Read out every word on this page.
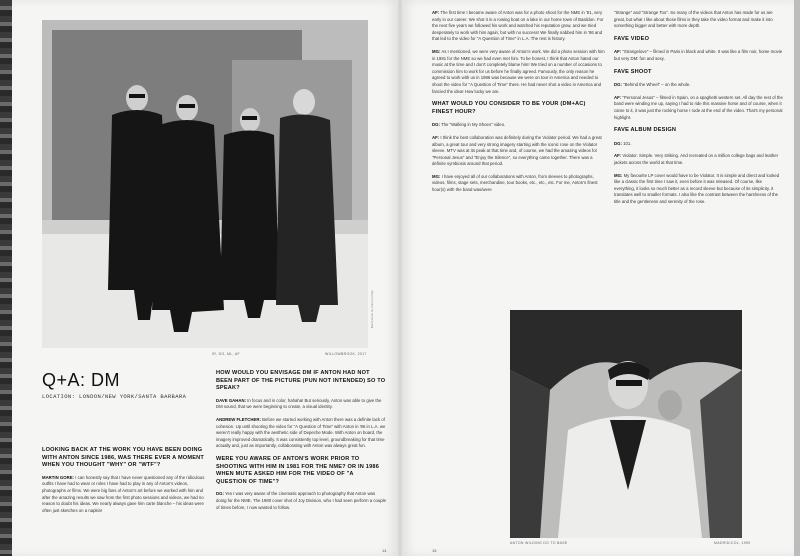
IR, DG, ML, AF	WILLOWBROOK, 2017
Band photo by Anton Corbijn
Q+A: DM
LOCATION: LONDON/NEW YORK/SANTA BARBARA
LOOKING BACK AT THE WORK YOU HAVE BEEN DOING WITH ANTON SINCE 1986, WAS THERE EVER A MOMENT WHEN YOU THOUGHT "WHY" OR "WTF"?

MARTIN GORE: I can honestly say that I have never questioned any of the ridiculous outfits I have had to wear or roles I have had to play in any of Anton's videos, photographs or films. We were big fans of Anton's art before we worked with him and after the amazing results we saw from the first photo sessions and videos, we had no reason to doubt his ideas. We nearly always gave him carte blanche – his ideas were often just sketches on a napkin!

HOW WOULD YOU ENVISAGE DM IF ANTON HAD NOT BEEN PART OF THE PICTURE (PUN NOT INTENDED) SO TO SPEAK?

DAVE GAHAN: In focus and in color, hahaha! But seriously, Anton was able to give the DM sound, that we were beginning to create, a visual identity.

ANDREW FLETCHER: Before we started working with Anton there was a definite lack of cohesion. Up until shooting the video for "A Question of Time" with Anton in '86 in L.A. we weren't really happy with the aesthetic side of Depeche Mode. With Anton on board, the imagery improved dramatically. It was consistently top level, groundbreaking for that time actually and, just as importantly, collaborating with Anton was always great fun.

WERE YOU AWARE OF ANTON'S WORK PRIOR TO SHOOTING WITH HIM IN 1981 FOR THE NME? OR IN 1986 WHEN MUTE ASKED HIM FOR THE VIDEO OF "A QUESTION OF TIME"?

DG: Yes I was very aware of the cinematic approach to photography that Anton was doing for the NME. The 1980 cover shot of Joy Division, who I had seen perform a couple of times before, I now wanted to follow.

14

AF: The first time I became aware of Anton was for a photo shoot for the NME in '81, very early in our career. We shot it in a rowing boat on a lake in our home town of Basildon. For the next five years we followed his work and watched his reputation grow, and we tried desperately to work with him again, but with no success! We finally nabbed him in '86 and that led to the video for "A Question of Time" in L.A. The rest is history.

MG: As I mentioned, we were very aware of Anton's work. We did a photo session with him in 1981 for the NME so we had even met him. To be honest, I think that Anton hated our music at the time and I don't completely blame him! We tried on a number of occasions to commission him to work for us before he finally agreed. Famously, the only reason he agreed to work with us in 1986 was because we were on tour in America and needed to shoot the video for "A Question of Time" there. He had never shot a video in America and fancied the idea! How lucky we are.

WHAT WOULD YOU CONSIDER TO BE YOUR (DM+AC) FINEST HOUR?

DG: The "Walking in My Shoes" video.

AF: I think the best collaboration was definitely during the Violator period. We had a great album, a great tour and very strong imagery starting with the iconic rose on the Violator sleeve. MTV was at its peak at that time and, of course, we had the amazing videos for "Personal Jesus" and "Enjoy the Silence", so everything came together. There was a definite symbiosis around that period.

MG: I have enjoyed all of our collaborations with Anton, from sleeves to photographs, videos, films, stage sets, merchandise, tour books, etc., etc., etc. For me, Anton's finest hour(s) with the band was/were

"Strange" and "Strange Too". So many of the videos that Anton has made for us are great, but what I like about those films is they take the video format and make it into something bigger and better with more depth.

FAVE VIDEO

AF: "Strangelove" – filmed in Paris in black and white. It was like a film noir, home movie but very DM: fun and sexy.

FAVE SHOOT

DG: "Behind the Wheel" – on the whole.

AF: "Personal Jesus" – filmed in Spain, on a spaghetti western set. All day the rest of the band were winding me up, saying I had to ride this massive horse and of course, when it came to it, it was just the rocking horse I rode at the end of the video. That's my personal highlight.

FAVE ALBUM DESIGN

DG: 101.

AF: Violator. Simple. Very striking. And recreated on a million college bags and leather jackets across the world at that time.

MG: My favourite LP cover would have to be Violator. It is simple and direct and looked like a classic the first time I saw it, even before it was released. Of course, like everything, it looks so much better as a record sleeve but because of its simplicity, it translates well to smaller formats. I also like the contrast between the harshness of the title and the gentleness and serenity of the rose.

ANTON WILDING DG TO BASE	MADRID/COL, 1990
15
